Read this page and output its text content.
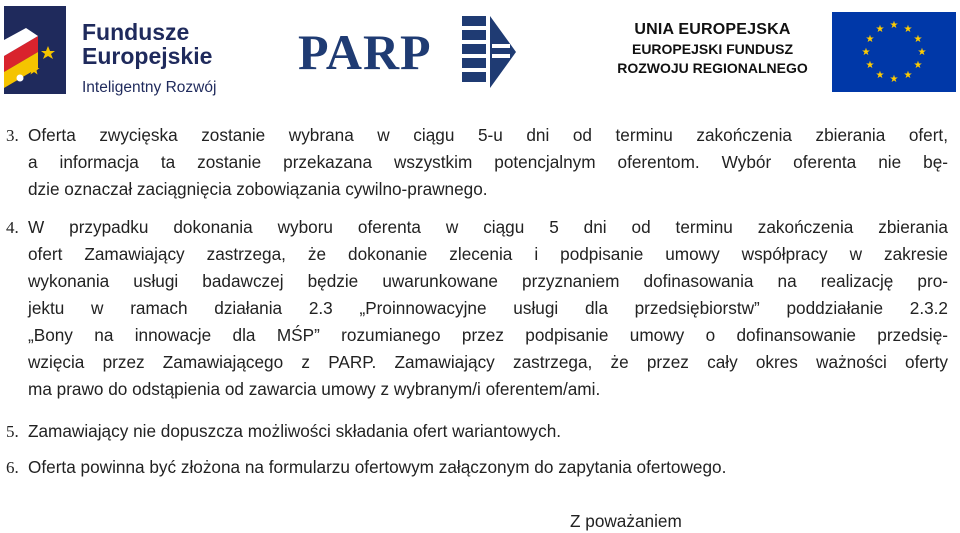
Fundusze
Europejskie
Inteligentny Rozwój
PARP	UNIA EUROPEJSKA
EUROPEJSKI FUNDUSZ
ROZWOJU REGIONALNEGO
★ ★
★
★
★
★
★
★
★
★
★
★
3. Oferta zwycięska zostanie wybrana w ciągu 5-u dni od terminu zakończenia zbierania ofert,
a informacja ta zostanie przekazana wszystkim potencjalnym oferentom. Wybór oferenta nie bę-
dzie oznaczał zaciągnięcia zobowiązania cywilno-prawnego.
4. W przypadku dokonania wyboru oferenta w ciągu 5 dni od terminu zakończenia zbierania
ofert Zamawiający zastrzega, że dokonanie zlecenia i podpisanie umowy współpracy w zakresie
wykonania usługi badawczej będzie uwarunkowane przyznaniem dofinasowania na realizację pro-
jektu w ramach działania 2.3 „Proinnowacyjne usługi dla przedsiębiorstw” poddziałanie 2.3.2
„Bony na innowacje dla MŚP” rozumianego przez podpisanie umowy o dofinansowanie przedsię-
wzięcia przez Zamawiającego z PARP. Zamawiający zastrzega, że przez cały okres ważności oferty
ma prawo do odstąpienia od zawarcia umowy z wybranym/i oferentem/ami.
5. Zamawiający nie dopuszcza możliwości składania ofert wariantowych.
6. Oferta powinna być złożona na formularzu ofertowym załączonym do zapytania ofertowego.
Z poważaniem
